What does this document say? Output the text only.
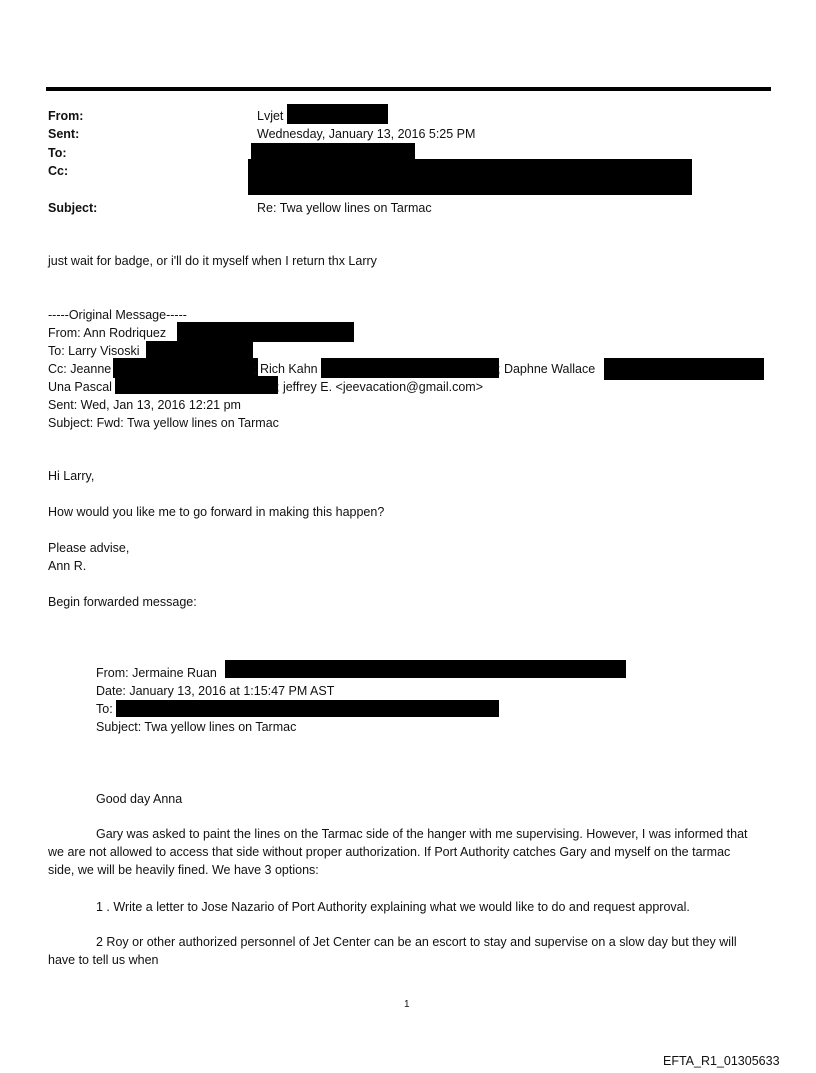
From:	Lvjet
Sent:	Wednesday, January 13, 2016 5:25 PM
To:
Cc:
Subject:	Re: Twa yellow lines on Tarmac
just wait for badge, or i'll do it myself when I return thx Larry
-----Original Message-----
From: Ann Rodriquez
To: Larry Visoski
Cc: Jeanne	; Rich Kahn	; Daphne Wallace
Una Pascal	; jeffrey E. <jeevacation@gmail.com>
Sent: Wed, Jan 13, 2016 12:21 pm
Subject: Fwd: Twa yellow lines on Tarmac
Hi Larry,
How would you like me to go forward in making this happen?
Please advise,
Ann R.
Begin forwarded message:
From: Jermaine Ruan
Date: January 13, 2016 at 1:15:47 PM AST
To:
Subject: Twa yellow lines on Tarmac
Good day Anna
Gary was asked to paint the lines on the Tarmac side of the hanger with me supervising. However, I was informed that we are not allowed to access that side without proper authorization. If Port Authority catches Gary and myself on the tarmac side, we will be heavily fined. We have 3 options:
1 . Write a letter to Jose Nazario of Port Authority explaining what we would like to do and request approval.
2 Roy or other authorized personnel of Jet Center can be an escort to stay and supervise on a slow day but they will have to tell us when
1
EFTA_R1_01305633
